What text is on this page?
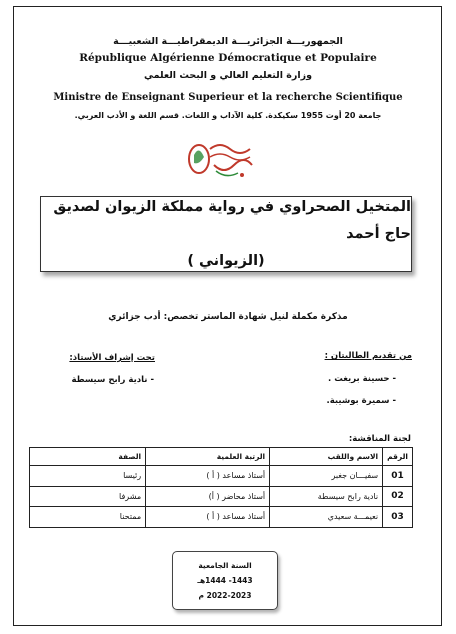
الجمهوريـــة الجزائريـــة الديمقراطيـــة الشعبيـــة
République Algérienne Démocratique et Populaire
وزارة التعليم العالي و البحث العلمي
Ministre de Enseignant Superieur et la recherche Scientifique
جامعة 20 أوت 1955 سكيكدة. كلية الآداب و اللغات. قسم اللغة و الأدب العربي.
المتخيل الصحراوي في رواية مملكة الزيوان لصديق حاج أحمد
(الزيواني )
مذكرة مكملة لنيل شهادة الماستر تخصص: أدب جزائري
من تقديم الطالبتان :
- حسينة بريغت .
- سميرة بوشيبة.
تحت إشراف الأستاذ:
- نادية رابح سيسطة
لجنة المناقشة:
الرقم	الاسم واللقب	الرتبة العلمية	الصفة
01	سفيـــان جغبر	أستاذ مساعد ( أ )	رئيسا
02	نادية رابح سيسطة	أستاذ محاضر ( أ)	مشرفا
03	نعيمـــة سعيدي	أستاذ مساعد ( أ )	ممتحنا
السنة الجامعية
1443- 1444هـ
2022-2023 م
